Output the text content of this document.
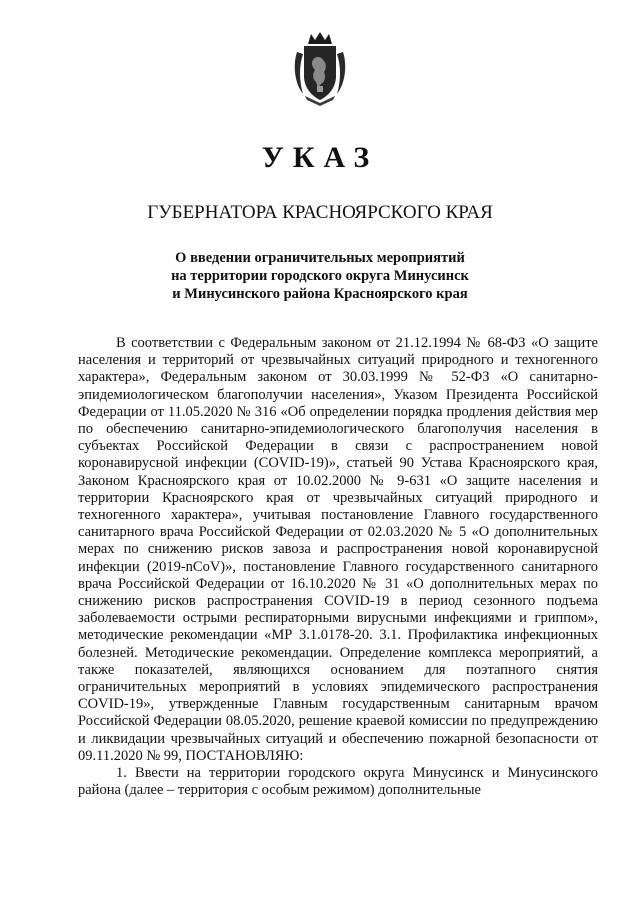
УКАЗ
ГУБЕРНАТОРА КРАСНОЯРСКОГО КРАЯ
О введении ограничительных мероприятий
на территории городского округа Минусинск
и Минусинского района Красноярского края

В соответствии с Федеральным законом от 21.12.1994 № 68-ФЗ «О защите населения и территорий от чрезвычайных ситуаций природного и техногенного характера», Федеральным законом от 30.03.1999 № 52-ФЗ «О санитарно-эпидемиологическом благополучии населения», Указом Президента Российской Федерации от 11.05.2020 № 316 «Об определении порядка продления действия мер по обеспечению санитарно-эпидемиологического благополучия населения в субъектах Российской Федерации в связи с распространением новой коронавирусной инфекции (COVID-19)», статьей 90 Устава Красноярского края, Законом Красноярского края от 10.02.2000 № 9-631 «О защите населения и территории Красноярского края от чрезвычайных ситуаций природного и техногенного характера», учитывая постановление Главного государственного санитарного врача Российской Федерации от 02.03.2020 № 5 «О дополнительных мерах по снижению рисков завоза и распространения новой коронавирусной инфекции (2019-nCoV)», постановление Главного государственного санитарного врача Российской Федерации от 16.10.2020 № 31 «О дополнительных мерах по снижению рисков распространения COVID-19 в период сезонного подъема заболеваемости острыми респираторными вирусными инфекциями и гриппом», методические рекомендации «МР 3.1.0178-20. 3.1. Профилактика инфекционных болезней. Методические рекомендации. Определение комплекса мероприятий, а также показателей, являющихся основанием для поэтапного снятия ограничительных мероприятий в условиях эпидемического распространения COVID-19», утвержденные Главным государственным санитарным врачом Российской Федерации 08.05.2020, решение краевой комиссии по предупреждению и ликвидации чрезвычайных ситуаций и обеспечению пожарной безопасности от 09.11.2020 № 99, ПОСТАНОВЛЯЮ:

1. Ввести на территории городского округа Минусинск и Минусинского района (далее – территория с особым режимом) дополнительные
